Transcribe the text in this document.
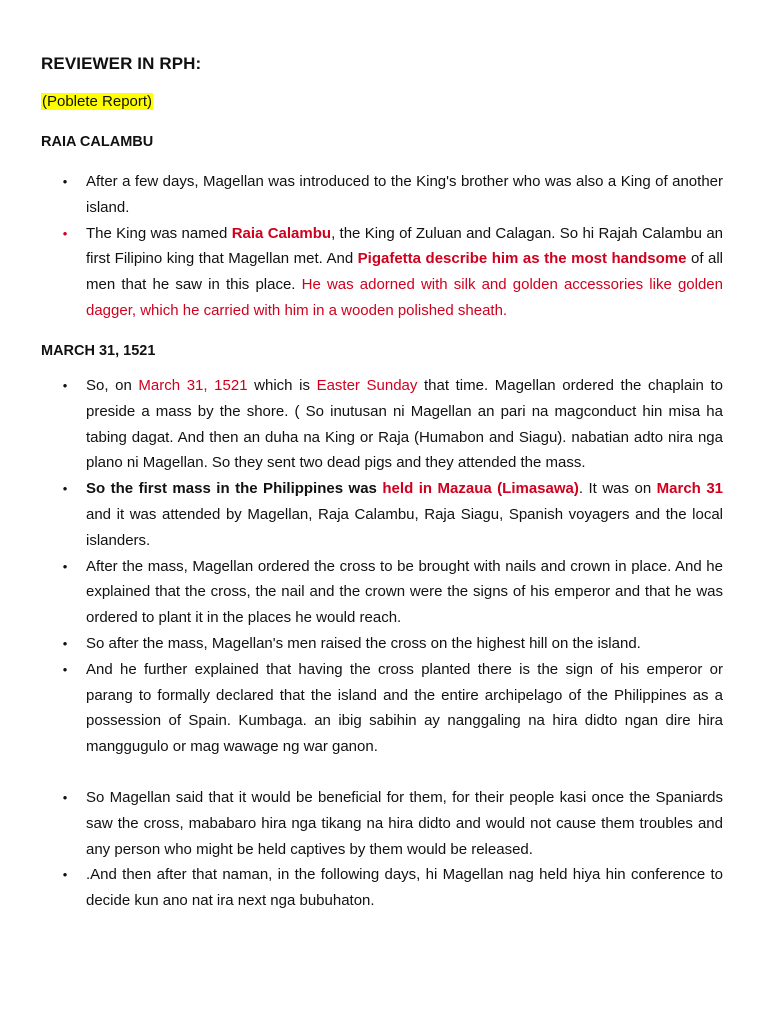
REVIEWER IN RPH:
(Poblete Report)
RAIA CALAMBU
• After a few days, Magellan was introduced to the King's brother who was also a King of another island.
• The King was named Raia Calambu, the King of Zuluan and Calagan. So hi Rajah Calambu an first Filipino king that Magellan met. And Pigafetta describe him as the most handsome of all men that he saw in this place. He was adorned with silk and golden accessories like golden dagger, which he carried with him in a wooden polished sheath.
MARCH 31, 1521
• So, on March 31, 1521 which is Easter Sunday that time. Magellan ordered the chaplain to preside a mass by the shore. ( So inutusan ni Magellan an pari na magconduct hin misa ha tabing dagat. And then an duha na King or Raja (Humabon and Siagu). nabatian adto nira nga plano ni Magellan. So they sent two dead pigs and they attended the mass.
• So the first mass in the Philippines was held in Mazaua (Limasawa). It was on March 31 and it was attended by Magellan, Raja Calambu, Raja Siagu, Spanish voyagers and the local islanders.
• After the mass, Magellan ordered the cross to be brought with nails and crown in place. And he explained that the cross, the nail and the crown were the signs of his emperor and that he was ordered to plant it in the places he would reach.
• So after the mass, Magellan's men raised the cross on the highest hill on the island.
• And he further explained that having the cross planted there is the sign of his emperor or parang to formally declared that the island and the entire archipelago of the Philippines as a possession of Spain. Kumbaga. an ibig sabihin ay nanggaling na hira didto ngan dire hira manggugulo or mag wawage ng war ganon.
• So Magellan said that it would be beneficial for them, for their people kasi once the Spaniards saw the cross, mababaro hira nga tikang na hira didto and would not cause them troubles and any person who might be held captives by them would be released.
• .And then after that naman, in the following days, hi Magellan nag held hiya hin conference to decide kun ano nat ira next nga bubuhaton.
